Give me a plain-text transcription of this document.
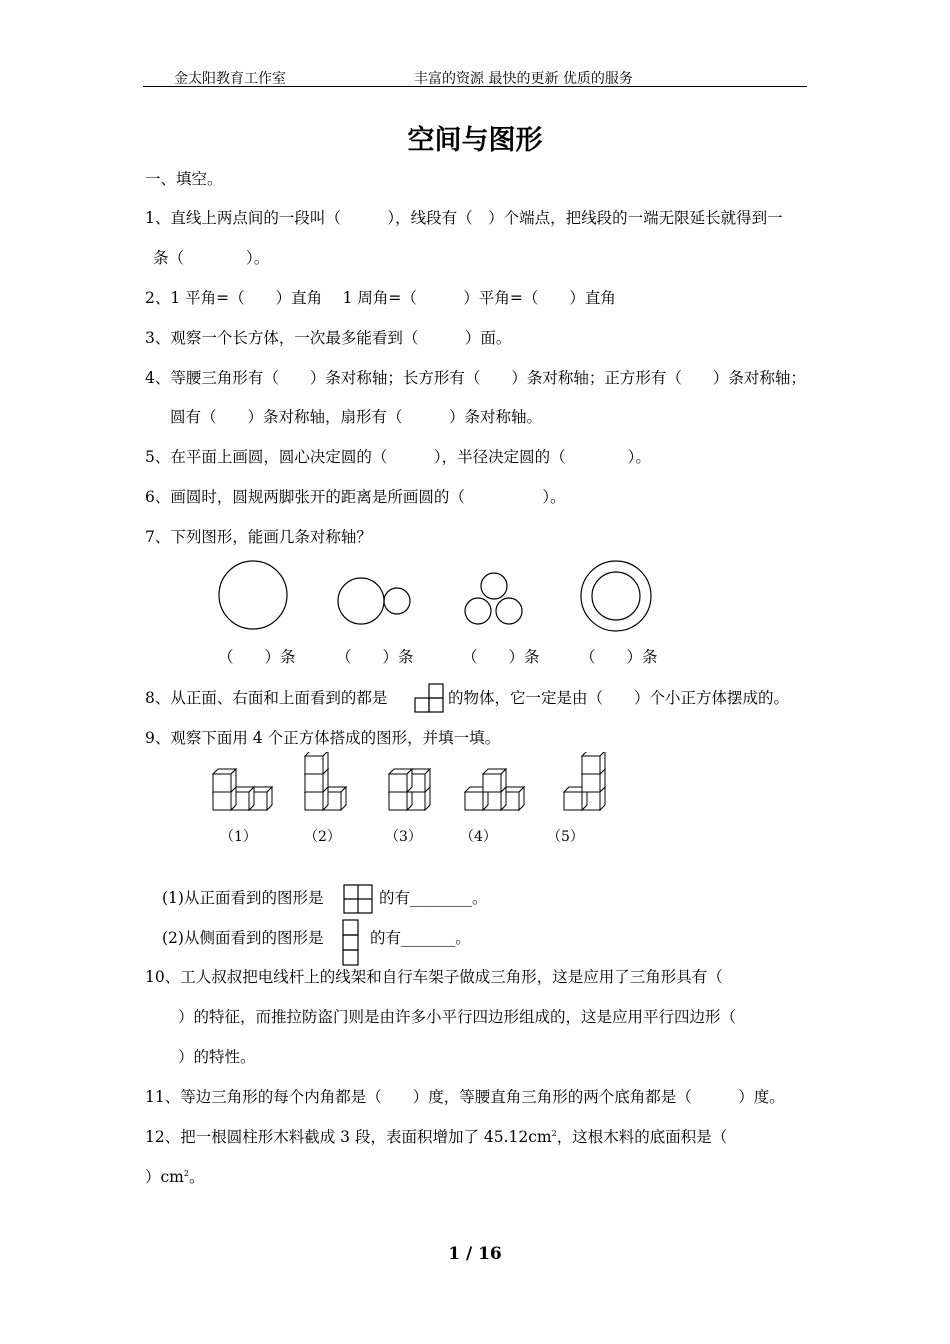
金太阳教育工作室	丰富的资源 最快的更新 优质的服务
空间与图形
一、填空。
1、直线上两点间的一段叫（　　　），线段有（　）个端点，把线段的一端无限延长就得到一
条（　　　　）。
2、1 平角=（　　）直角　 1 周角=（　　　）平角=（　　）直角
3、观察一个长方体，一次最多能看到（　　　）面。
4、等腰三角形有（　　）条对称轴；长方形有（　　）条对称轴；正方形有（　　）条对称轴；
圆有（　　）条对称轴，扇形有（　　　）条对称轴。
5、在平面上画圆，圆心决定圆的（　　　），半径决定圆的（　　　　）。
6、画圆时，圆规两脚张开的距离是所画圆的（　　　　　）。
7、下列图形，能画几条对称轴？
（　　）条	（　　）条	（　　）条	（　　）条
8、从正面、右面和上面看到的都是	的物体，它一定是由（　　）个小正方体摆成的。
9、观察下面用 4 个正方体搭成的图形，并填一填。
（1）	（2）	（3）	（4）	（5）
(1)从正面看到的图形是	的有________。
(2)从侧面看到的图形是	的有_______。
10、工人叔叔把电线杆上的线架和自行车架子做成三角形，这是应用了三角形具有（
）的特征，而推拉防盗门则是由许多小平行四边形组成的，这是应用平行四边形（
）的特性。
11、等边三角形的每个内角都是（　　）度，等腰直角三角形的两个底角都是（　　　）度。
12、把一根圆柱形木料截成 3 段，表面积增加了 $45.12cm^2$，这根木料的底面积是（
）$cm^2$。
1 / 16
